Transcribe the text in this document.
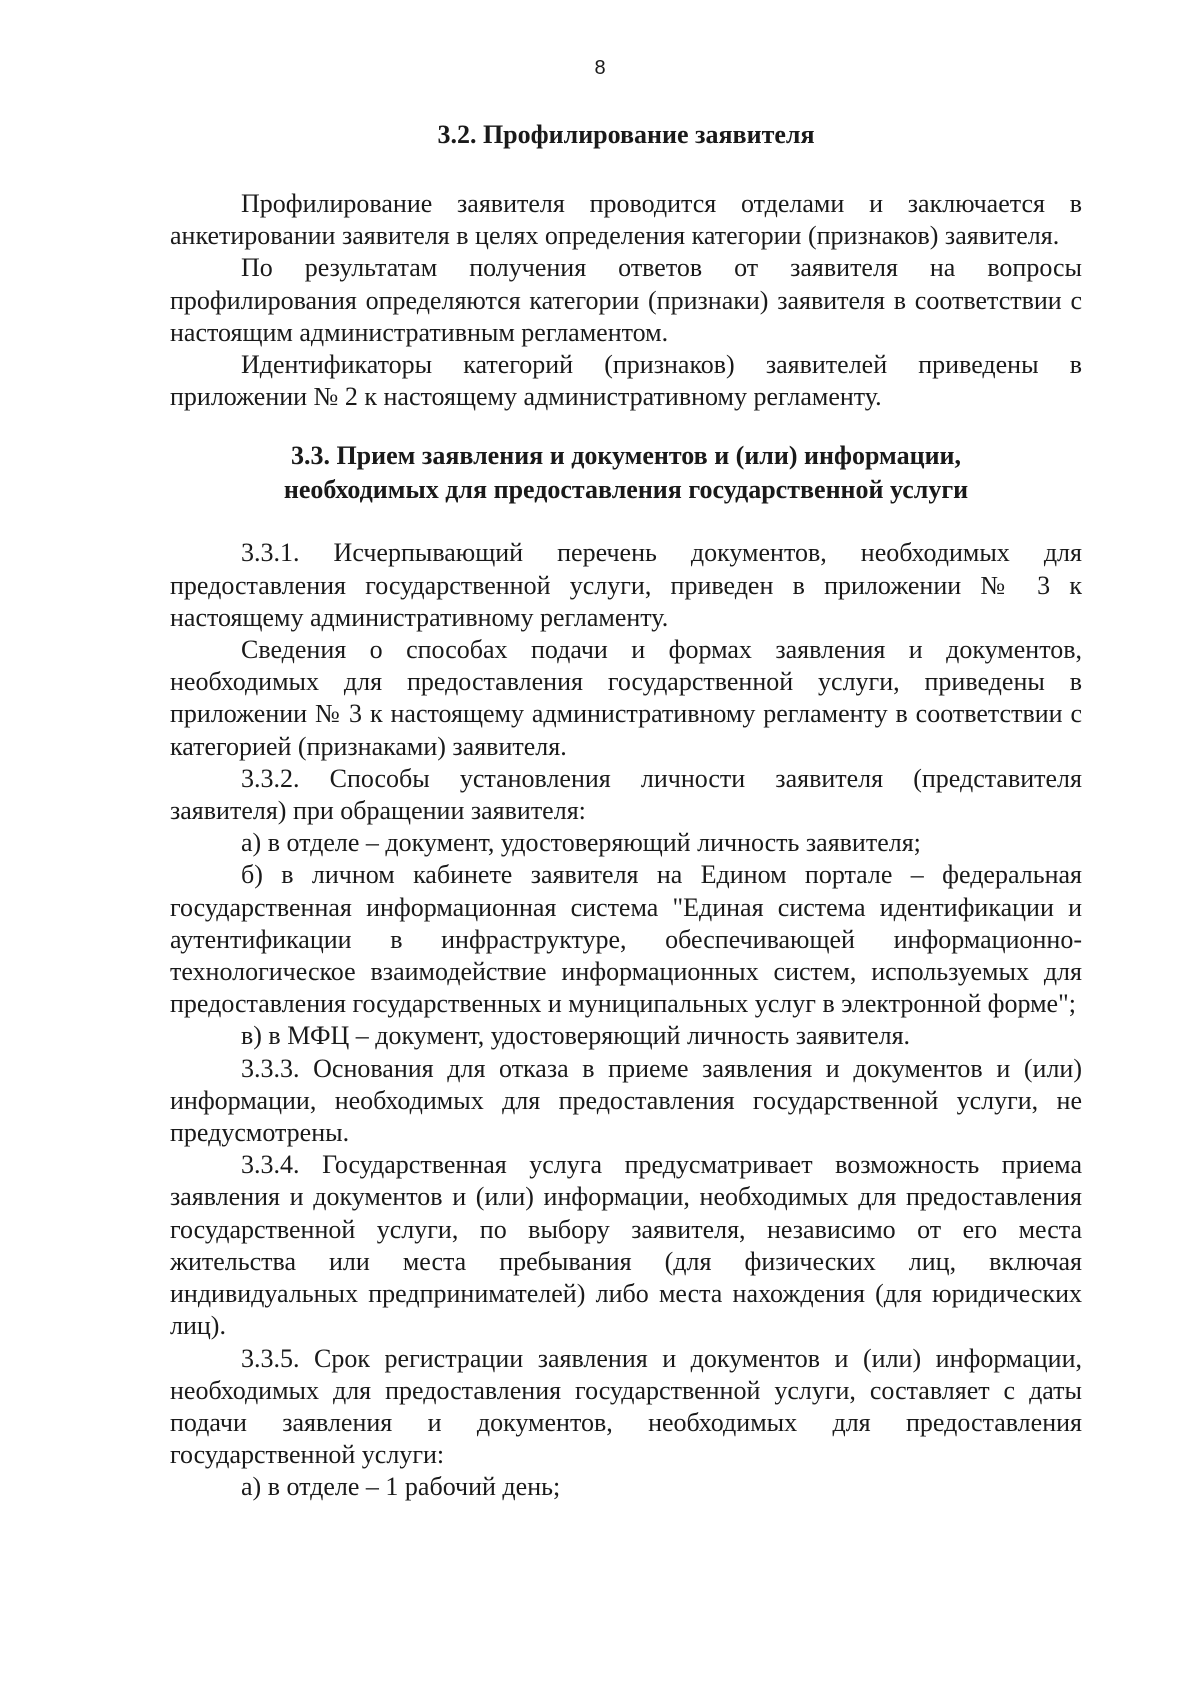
8
3.2. Профилирование заявителя

Профилирование заявителя проводится отделами и заключается в анкетировании заявителя в целях определения категории (признаков) заявителя.

По результатам получения ответов от заявителя на вопросы профилирования определяются категории (признаки) заявителя в соответствии с настоящим административным регламентом.

Идентификаторы категорий (признаков) заявителей приведены в приложении № 2 к настоящему административному регламенту.

3.3. Прием заявления и документов и (или) информации,
необходимых для предоставления государственной услуги

3.3.1. Исчерпывающий перечень документов, необходимых для предоставления государственной услуги, приведен в приложении № 3 к настоящему административному регламенту.

Сведения о способах подачи и формах заявления и документов, необходимых для предоставления государственной услуги, приведены в приложении № 3 к настоящему административному регламенту в соответствии с категорией (признаками) заявителя.

3.3.2. Способы установления личности заявителя (представителя заявителя) при обращении заявителя:

а) в отделе – документ, удостоверяющий личность заявителя;

б) в личном кабинете заявителя на Едином портале – федеральная государственная информационная система "Единая система идентификации и аутентификации в инфраструктуре, обеспечивающей информационно-технологическое взаимодействие информационных систем, используемых для предоставления государственных и муниципальных услуг в электронной форме";

в) в МФЦ – документ, удостоверяющий личность заявителя.

3.3.3. Основания для отказа в приеме заявления и документов и (или) информации, необходимых для предоставления государственной услуги, не предусмотрены.

3.3.4. Государственная услуга предусматривает возможность приема заявления и документов и (или) информации, необходимых для предоставления государственной услуги, по выбору заявителя, независимо от его места жительства или места пребывания (для физических лиц, включая индивидуальных предпринимателей) либо места нахождения (для юридических лиц).

3.3.5. Срок регистрации заявления и документов и (или) информации, необходимых для предоставления государственной услуги, составляет с даты подачи заявления и документов, необходимых для предоставления государственной услуги:

а) в отделе – 1 рабочий день;
